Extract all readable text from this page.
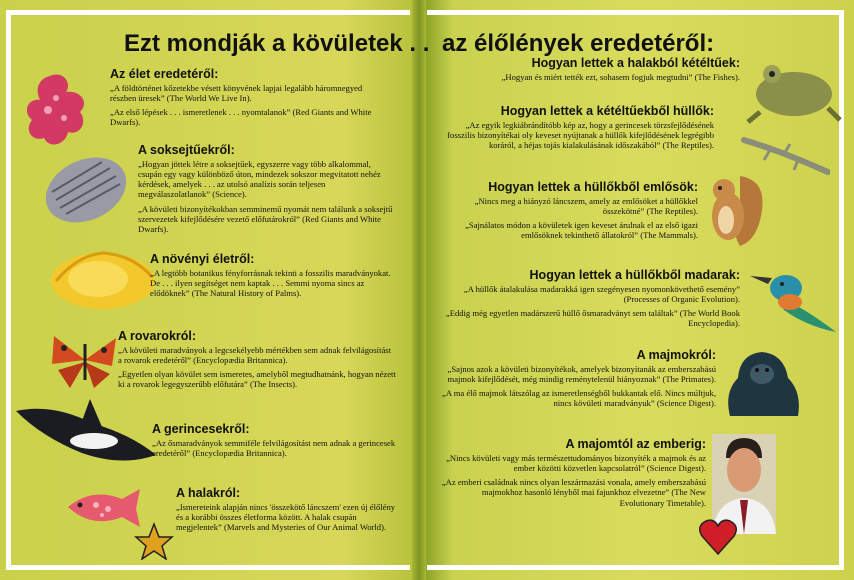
Ezt mondják a kövületek . . az élőlények eredetéről:
Az élet eredetéről:

„A földtörténet kőzetekbe vésett könyvének lapjai legalább háromnegyed részben üresek” (The World We Live In).

„Az első lépések . . . ismeretlenek . . . nyomtalanok” (Red Giants and White Dwarfs).

A soksejtűekről:

„Hogyan jöttek létre a soksejtűek, egyszerre vagy több alkalommal, csupán egy vagy különböző úton, mindezek sokszor megvitatott nehéz kérdések, amelyek . . . az utolsó analízis során teljesen megválaszolatlanok” (Science).

„A kövületi bizonyítékokban semminemű nyomát nem találunk a soksejtű szervezetek kifejlődésére vezető előfutárokról” (Red Giants and White Dwarfs).

A növényi életről:

„A legtöbb botanikus fényforrásnak tekinti a fosszilis maradványokat. De . . . ilyen segítséget nem kaptak . . . Semmi nyoma sincs az elődöknek” (The Natural History of Palms).

A rovarokról:

„A kövületi maradványok a legcsekélyebb mértékben sem adnak felvilágosítást a rovarok eredetéről” (Encyclopædia Britannica).

„Egyetlen olyan kövület sem ismeretes, amelyből megtudhatnánk, hogyan nézett ki a rovarok legegyszerűbb előfutára” (The Insects).

A gerincesekről:

„Az ősmaradványok semmiféle felvilágosítást nem adnak a gerincesek eredetéről” (Encyclopædia Britannica).

A halakról:

„Ismereteink alapján nincs 'összekötő láncszem' ezen új élőlény és a korábbi összes életforma között. A halak csupán megjelentek” (Marvels and Mysteries of Our Animal World).

Hogyan lettek a halakból kétéltűek:

„Hogyan és miért tették ezt, sohasem fogjuk megtudni” (The Fishes).

Hogyan lettek a kétéltűekből hüllők:

„Az egyik legkiábrándítóbb kép az, hogy a gerincesek törzsfejlődésének fosszilis bizonyítékai oly keveset nyújtanak a hüllők kifejlődésének legrégibb koráról, a héjas tojás kialakulásának időszakából” (The Reptiles).

Hogyan lettek a hüllőkből emlősök:

„Nincs meg a hiányzó láncszem, amely az emlősöket a hüllőkkel összekötné” (The Reptiles).

„Sajnálatos módon a kövületek igen keveset árulnak el az első igazi emlősöknek tekinthető állatokról” (The Mammals).

Hogyan lettek a hüllőkből madarak:

„A hüllők átalakulása madarakká igen szegényesen nyomonkövethető esemény” (Processes of Organic Evolution).

„Eddig még egyetlen madárszerű hüllő ősmaradványt sem találtak” (The World Book Encyclopedia).

A majmokról:

„Sajnos azok a kövületi bizonyítékok, amelyek bizonyítanák az emberszabású majmok kifejlődését, még mindig reménytelenül hiányoznak” (The Primates).

„A ma élő majmok látszólag az ismeretlenségből bukkantak elő. Nincs múltjuk, nincs kövületi maradványuk” (Science Digest).

A majomtól az emberig:

„Nincs kövületi vagy más természettudományos bizonyíték a majmok és az ember közötti közvetlen kapcsolatról” (Science Digest).

„Az emberi családnak nincs olyan leszármazási vonala, amely emberszabású majmokhoz hasonló lényből mai fajunkhoz elvezetne” (The New Evolutionary Timetable).
